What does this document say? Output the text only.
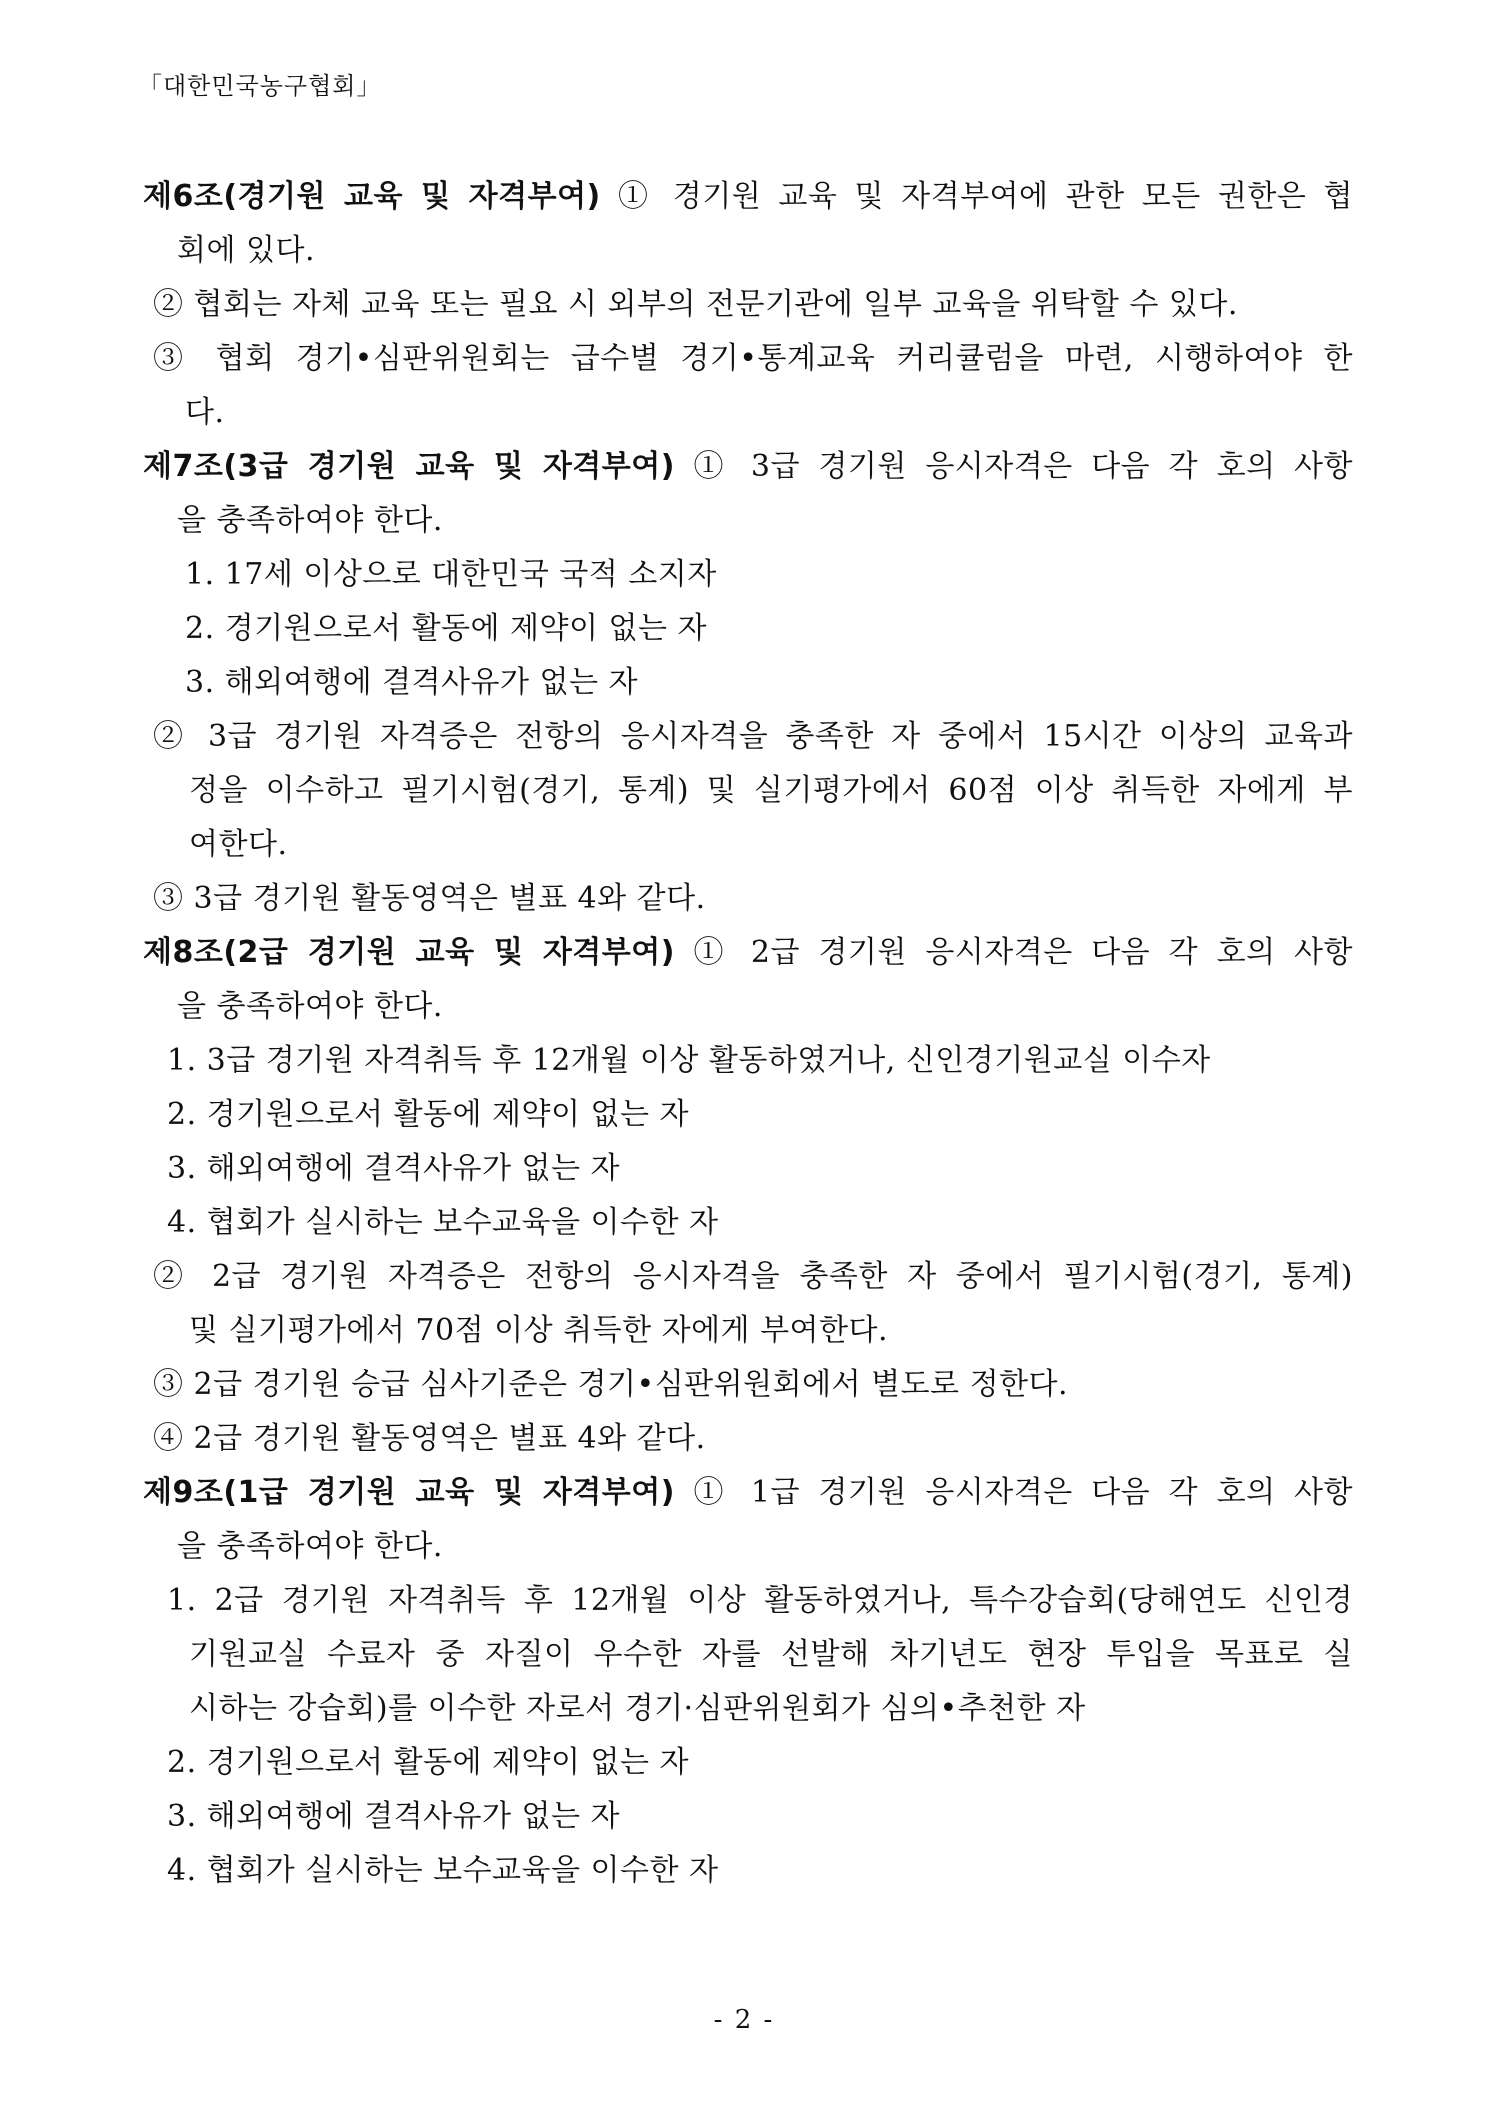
「대한민국농구협회」
제6조(경기원 교육 및 자격부여) ① 경기원 교육 및 자격부여에 관한 모든 권한은 협
회에 있다.
② 협회는 자체 교육 또는 필요 시 외부의 전문기관에 일부 교육을 위탁할 수 있다.
③ 협회 경기•심판위원회는 급수별 경기•통계교육 커리큘럼을 마련, 시행하여야 한
다.
제7조(3급 경기원 교육 및 자격부여) ① 3급 경기원 응시자격은 다음 각 호의 사항
을 충족하여야 한다.
1. 17세 이상으로 대한민국 국적 소지자
2. 경기원으로서 활동에 제약이 없는 자
3. 해외여행에 결격사유가 없는 자
② 3급 경기원 자격증은 전항의 응시자격을 충족한 자 중에서 15시간 이상의 교육과
정을 이수하고 필기시험(경기, 통계) 및 실기평가에서 60점 이상 취득한 자에게 부
여한다.
③ 3급 경기원 활동영역은 별표 4와 같다.
제8조(2급 경기원 교육 및 자격부여) ① 2급 경기원 응시자격은 다음 각 호의 사항
을 충족하여야 한다.
1. 3급 경기원 자격취득 후 12개월 이상 활동하였거나, 신인경기원교실 이수자
2. 경기원으로서 활동에 제약이 없는 자
3. 해외여행에 결격사유가 없는 자
4. 협회가 실시하는 보수교육을 이수한 자
② 2급 경기원 자격증은 전항의 응시자격을 충족한 자 중에서 필기시험(경기, 통계)
및 실기평가에서 70점 이상 취득한 자에게 부여한다.
③ 2급 경기원 승급 심사기준은 경기•심판위원회에서 별도로 정한다.
④ 2급 경기원 활동영역은 별표 4와 같다.
제9조(1급 경기원 교육 및 자격부여) ① 1급 경기원 응시자격은 다음 각 호의 사항
을 충족하여야 한다.
1. 2급 경기원 자격취득 후 12개월 이상 활동하였거나, 특수강습회(당해연도 신인경
기원교실 수료자 중 자질이 우수한 자를 선발해 차기년도 현장 투입을 목표로 실
시하는 강습회)를 이수한 자로서 경기·심판위원회가 심의•추천한 자
2. 경기원으로서 활동에 제약이 없는 자
3. 해외여행에 결격사유가 없는 자
4. 협회가 실시하는 보수교육을 이수한 자
- 2 -
